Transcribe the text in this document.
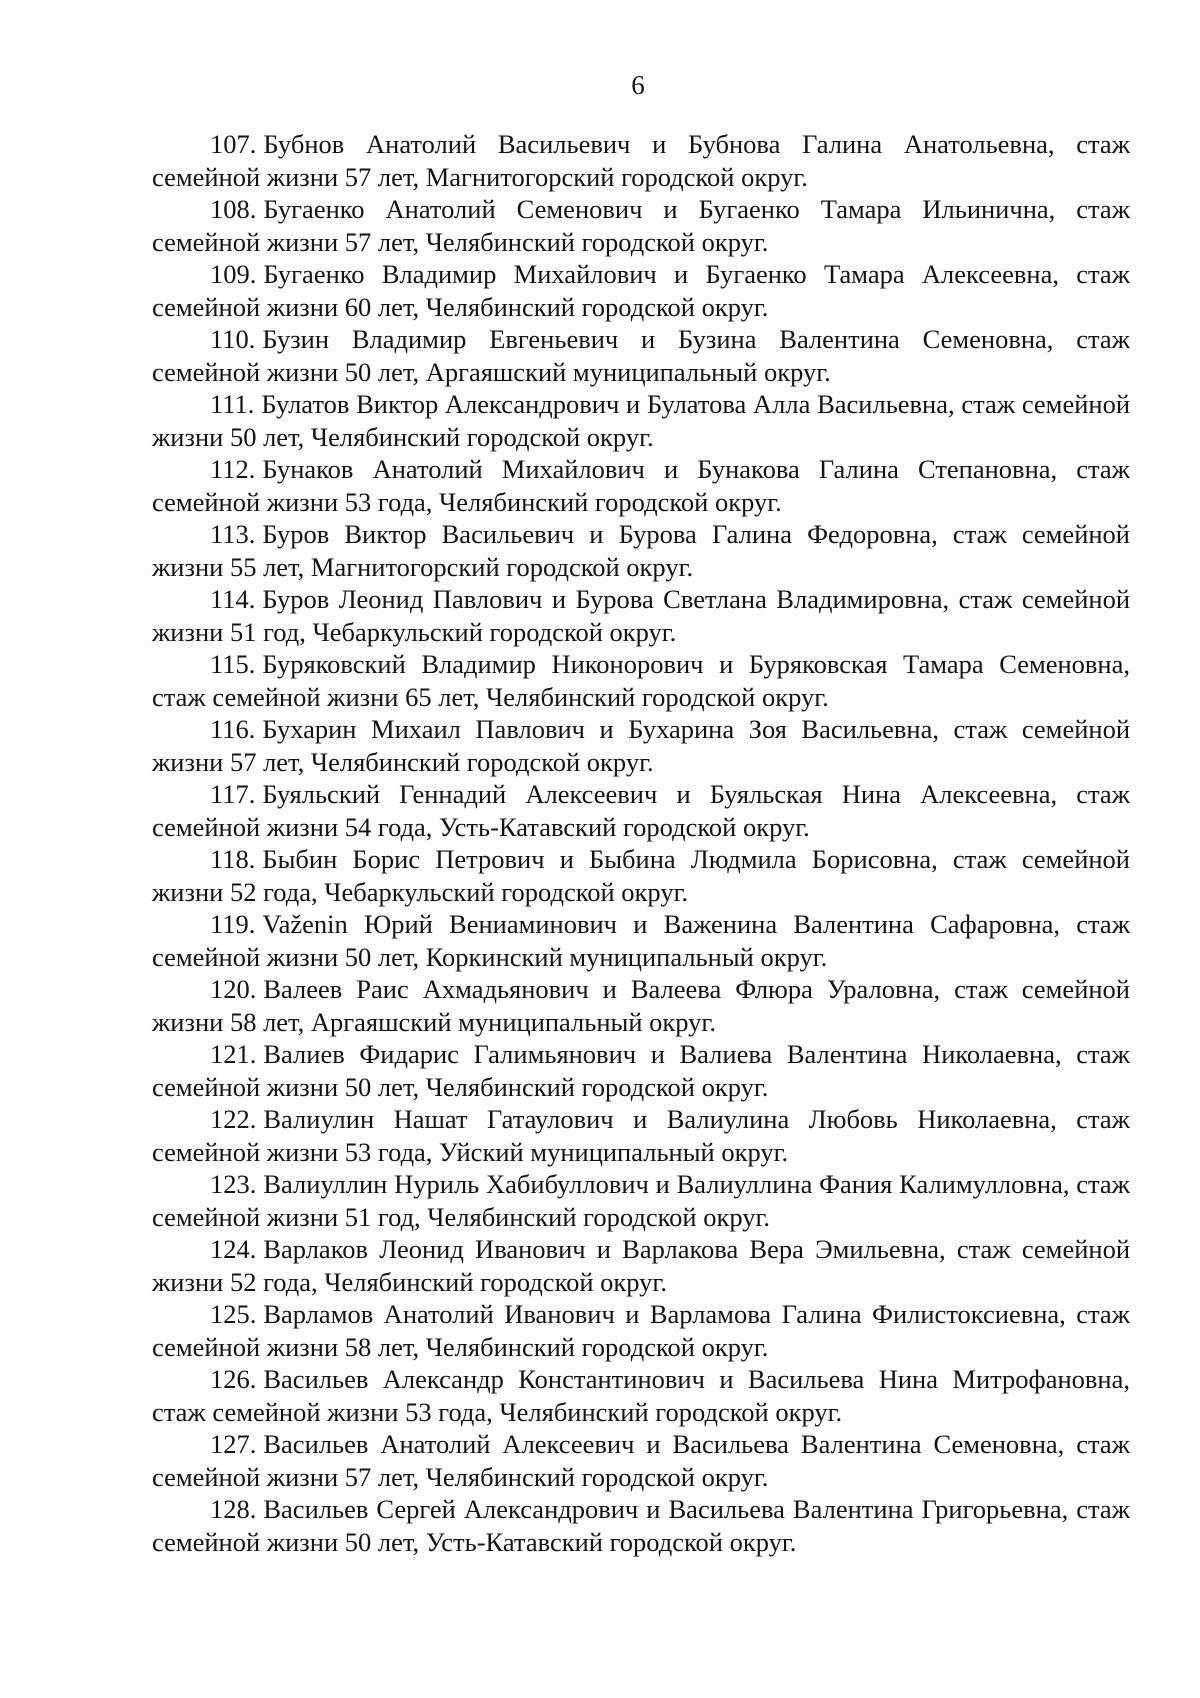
6
107. Бубнов Анатолий Васильевич и Бубнова Галина Анатольевна, стаж семейной жизни 57 лет, Магнитогорский городской округ.
108. Бугаенко Анатолий Семенович и Бугаенко Тамара Ильинична, стаж семейной жизни 57 лет, Челябинский городской округ.
109. Бугаенко Владимир Михайлович и Бугаенко Тамара Алексеевна, стаж семейной жизни 60 лет, Челябинский городской округ.
110. Бузин Владимир Евгеньевич и Бузина Валентина Семеновна, стаж семейной жизни 50 лет, Аргаяшский муниципальный округ.
111. Булатов Виктор Александрович и Булатова Алла Васильевна, стаж семейной жизни 50 лет, Челябинский городской округ.
112. Бунаков Анатолий Михайлович и Бунакова Галина Степановна, стаж семейной жизни 53 года, Челябинский городской округ.
113. Буров Виктор Васильевич и Бурова Галина Федоровна, стаж семейной жизни 55 лет, Магнитогорский городской округ.
114. Буров Леонид Павлович и Бурова Светлана Владимировна, стаж семейной жизни 51 год, Чебаркульский городской округ.
115. Буряковский Владимир Никонорович и Буряковская Тамара Семеновна, стаж семейной жизни 65 лет, Челябинский городской округ.
116. Бухарин Михаил Павлович и Бухарина Зоя Васильевна, стаж семейной жизни 57 лет, Челябинский городской округ.
117. Буяльский Геннадий Алексеевич и Буяльская Нина Алексеевна, стаж семейной жизни 54 года, Усть-Катавский городской округ.
118. Быбин Борис Петрович и Быбина Людмила Борисовна, стаж семейной жизни 52 года, Чебаркульский городской округ.
119. Važenin Юрий Вениаминович и Важенина Валентина Сафаровна, стаж семейной жизни 50 лет, Коркинский муниципальный округ.
120. Валеев Раис Ахмадьянович и Валеева Флюра Ураловна, стаж семейной жизни 58 лет, Аргаяшский муниципальный округ.
121. Валиев Фидарис Галимьянович и Валиева Валентина Николаевна, стаж семейной жизни 50 лет, Челябинский городской округ.
122. Валиулин Нашат Гатаулович и Валиулина Любовь Николаевна, стаж семейной жизни 53 года, Уйский муниципальный округ.
123. Валиуллин Нуриль Хабибуллович и Валиуллина Фания Калимулловна, стаж семейной жизни 51 год, Челябинский городской округ.
124. Варлаков Леонид Иванович и Варлакова Вера Эмильевна, стаж семейной жизни 52 года, Челябинский городской округ.
125. Варламов Анатолий Иванович и Варламова Галина Филистоксиевна, стаж семейной жизни 58 лет, Челябинский городской округ.
126. Васильев Александр Константинович и Васильева Нина Митрофановна, стаж семейной жизни 53 года, Челябинский городской округ.
127. Васильев Анатолий Алексеевич и Васильева Валентина Семеновна, стаж семейной жизни 57 лет, Челябинский городской округ.
128. Васильев Сергей Александрович и Васильева Валентина Григорьевна, стаж семейной жизни 50 лет, Усть-Катавский городской округ.
